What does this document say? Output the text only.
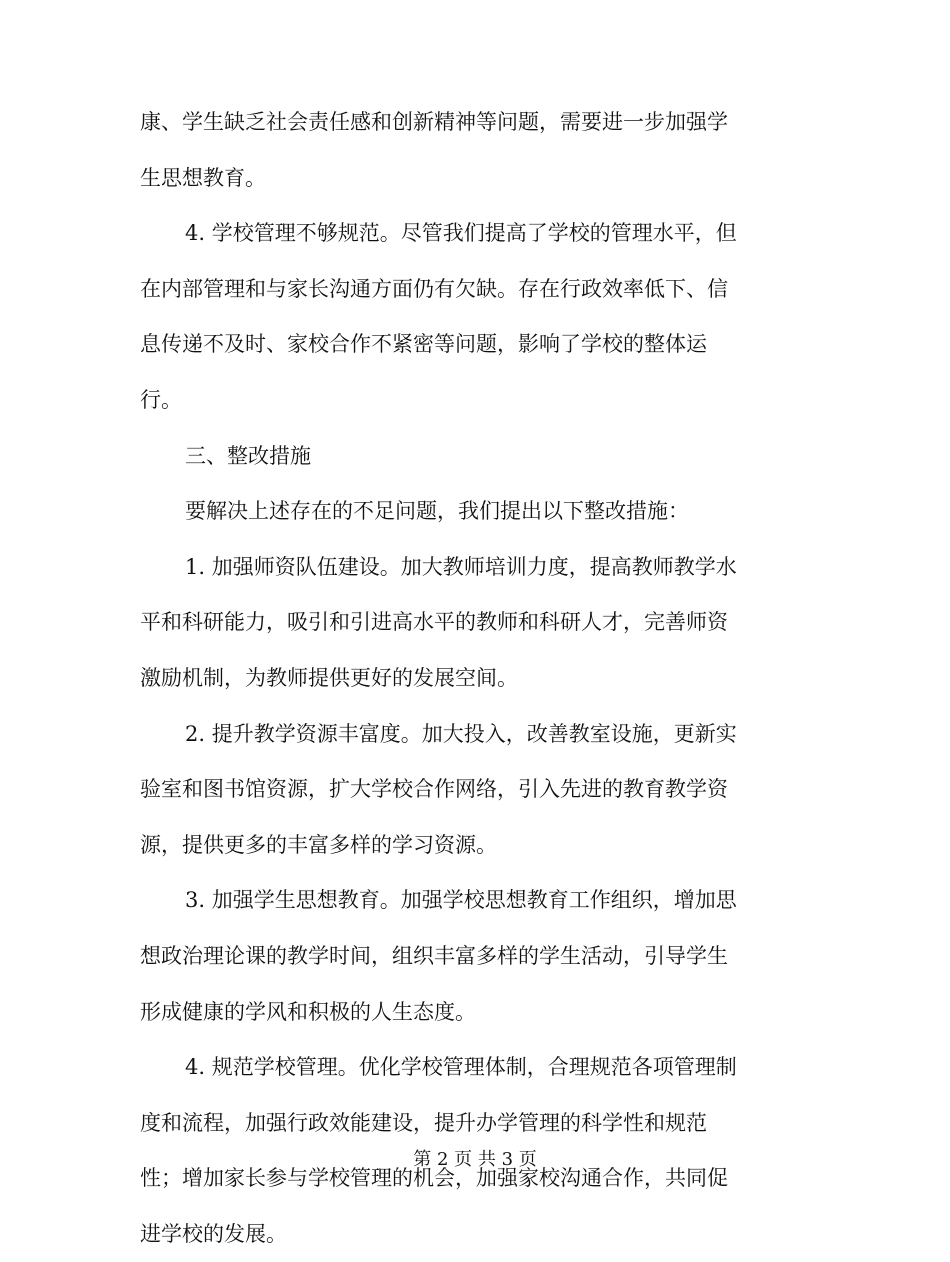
康、学生缺乏社会责任感和创新精神等问题，需要进一步加强学
生思想教育。
4. 学校管理不够规范。尽管我们提高了学校的管理水平，但
在内部管理和与家长沟通方面仍有欠缺。存在行政效率低下、信
息传递不及时、家校合作不紧密等问题，影响了学校的整体运
行。
三、整改措施
要解决上述存在的不足问题，我们提出以下整改措施：
1. 加强师资队伍建设。加大教师培训力度，提高教师教学水
平和科研能力，吸引和引进高水平的教师和科研人才，完善师资
激励机制，为教师提供更好的发展空间。
2. 提升教学资源丰富度。加大投入，改善教室设施，更新实
验室和图书馆资源，扩大学校合作网络，引入先进的教育教学资
源，提供更多的丰富多样的学习资源。
3. 加强学生思想教育。加强学校思想教育工作组织，增加思
想政治理论课的教学时间，组织丰富多样的学生活动，引导学生
形成健康的学风和积极的人生态度。
4. 规范学校管理。优化学校管理体制，合理规范各项管理制
度和流程，加强行政效能建设，提升办学管理的科学性和规范
性；增加家长参与学校管理的机会，加强家校沟通合作，共同促
进学校的发展。
第 2 页 共 3 页
